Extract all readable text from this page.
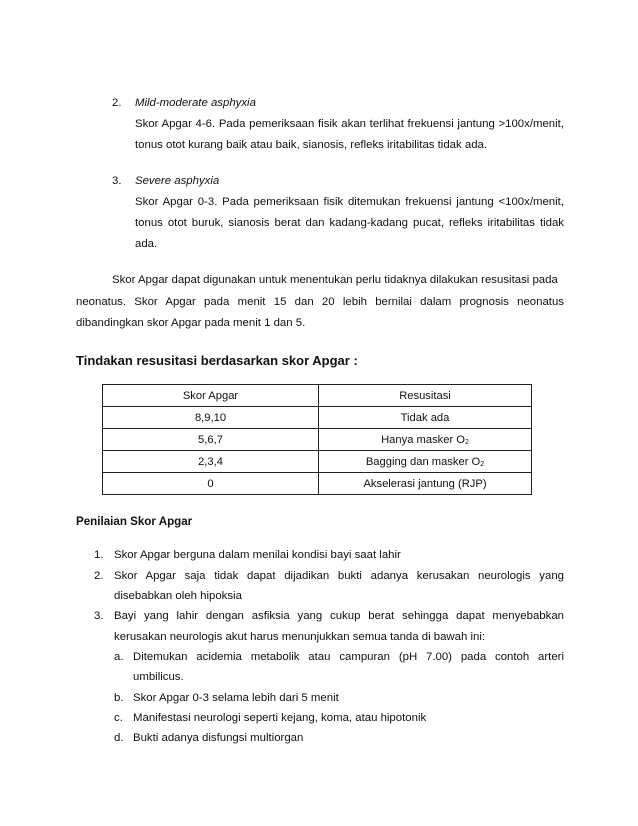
2. Mild-moderate asphyxia
Skor Apgar 4-6. Pada pemeriksaan fisik akan terlihat frekuensi jantung >100x/menit,
tonus otot kurang baik atau baik, sianosis, refleks iritabilitas tidak ada.
3. Severe asphyxia
Skor Apgar 0-3. Pada pemeriksaan fisik ditemukan frekuensi jantung <100x/menit,
tonus otot buruk, sianosis berat dan kadang-kadang pucat, refleks iritabilitas tidak
ada.
Skor Apgar dapat digunakan untuk menentukan perlu tidaknya dilakukan resusitasi pada
neonatus. Skor Apgar pada menit 15 dan 20 lebih bernilai dalam prognosis neonatus
dibandingkan skor Apgar pada menit 1 dan 5.
Tindakan resusitasi berdasarkan skor Apgar :
Skor Apgar	Resusitasi
8,9,10	Tidak ada
5,6,7	Hanya masker $O_2$
2,3,4	Bagging dan masker $O_2$
0	Akselerasi jantung (RJP)
Penilaian Skor Apgar
1. Skor Apgar berguna dalam menilai kondisi bayi saat lahir
2. Skor Apgar saja tidak dapat dijadikan bukti adanya kerusakan neurologis yang
disebabkan oleh hipoksia
3. Bayi yang lahir dengan asfiksia yang cukup berat sehingga dapat menyebabkan
kerusakan neurologis akut harus menunjukkan semua tanda di bawah ini:
a. Ditemukan acidemia metabolik atau campuran (pH 7.00) pada contoh arteri
umbilicus.
b. Skor Apgar 0-3 selama lebih dari 5 menit
c. Manifestasi neurologi seperti kejang, koma, atau hipotonik
d. Bukti adanya disfungsi multiorgan
